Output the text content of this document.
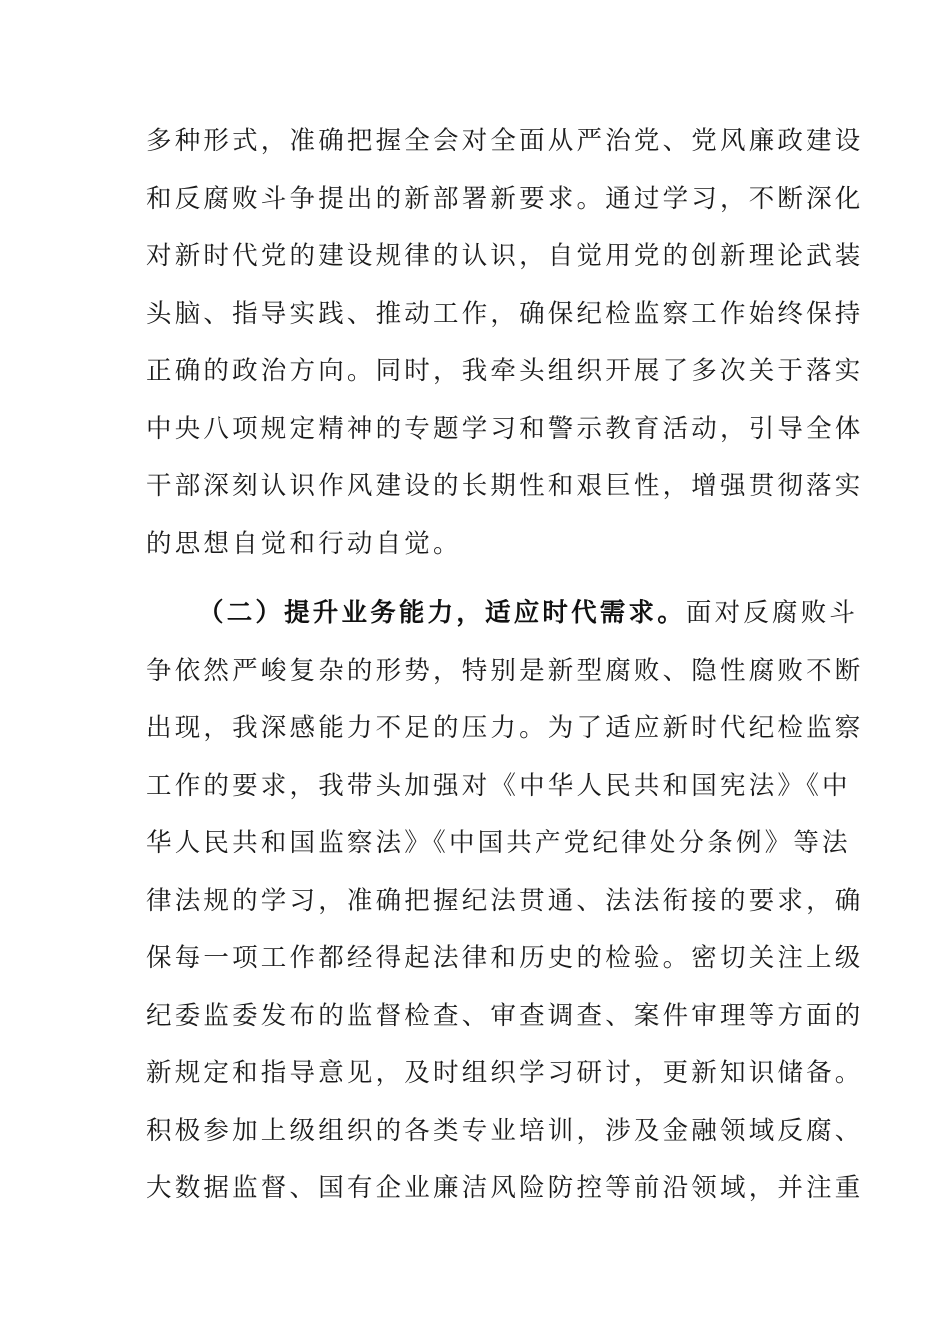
多种形式，准确把握全会对全面从严治党、党风廉政建设
和反腐败斗争提出的新部署新要求。通过学习，不断深化
对新时代党的建设规律的认识，自觉用党的创新理论武装
头脑、指导实践、推动工作，确保纪检监察工作始终保持
正确的政治方向。同时，我牵头组织开展了多次关于落实
中央八项规定精神的专题学习和警示教育活动，引导全体
干部深刻认识作风建设的长期性和艰巨性，增强贯彻落实
的思想自觉和行动自觉。
（二）提升业务能力，适应时代需求。面对反腐败斗
争依然严峻复杂的形势，特别是新型腐败、隐性腐败不断
出现，我深感能力不足的压力。为了适应新时代纪检监察
工作的要求，我带头加强对《中华人民共和国宪法》《中
华人民共和国监察法》《中国共产党纪律处分条例》等法
律法规的学习，准确把握纪法贯通、法法衔接的要求，确
保每一项工作都经得起法律和历史的检验。密切关注上级
纪委监委发布的监督检查、审查调查、案件审理等方面的
新规定和指导意见，及时组织学习研讨，更新知识储备。
积极参加上级组织的各类专业培训，涉及金融领域反腐、
大数据监督、国有企业廉洁风险防控等前沿领域，并注重
